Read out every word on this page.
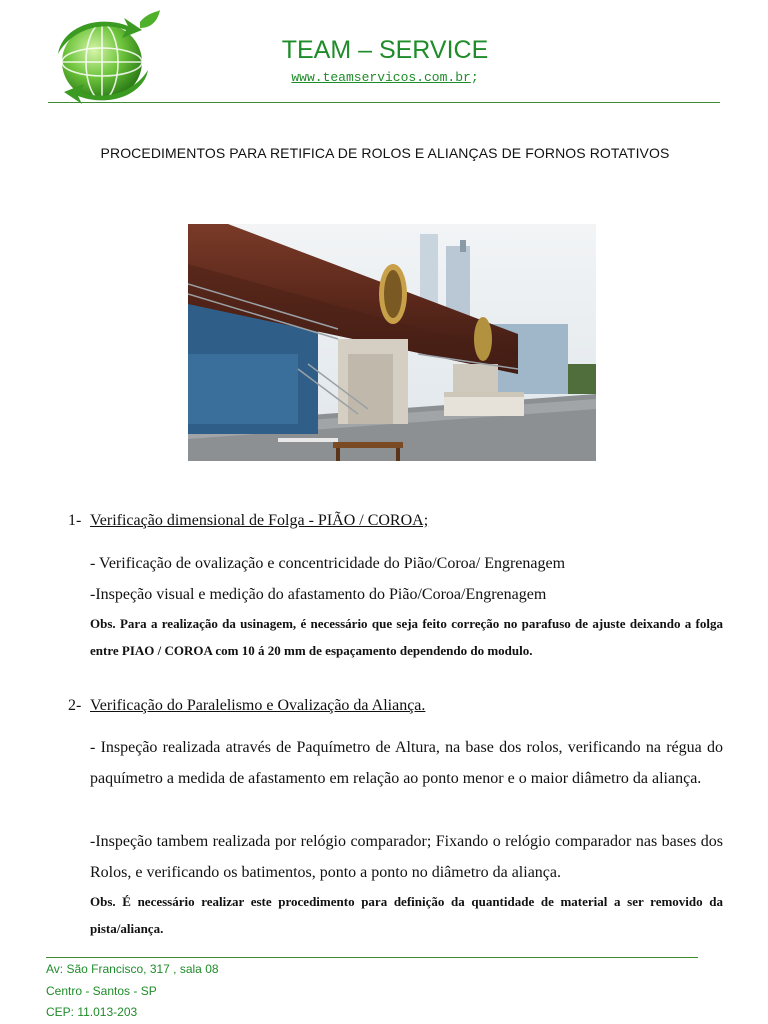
TEAM – SERVICE
www.teamservicos.com.br;
PROCEDIMENTOS PARA RETIFICA DE ROLOS E ALIANÇAS DE FORNOS ROTATIVOS
1- Verificação dimensional de Folga - PIÃO / COROA;
- Verificação de ovalização e concentricidade do Pião/Coroa/ Engrenagem
-Inspeção visual e medição do afastamento do Pião/Coroa/Engrenagem
Obs. Para a realização da usinagem, é necessário que seja feito correção no parafuso de ajuste deixando a folga entre PIAO / COROA com 10 á 20 mm de espaçamento dependendo do modulo.
2- Verificação do Paralelismo e Ovalização da Aliança.
- Inspeção realizada através de Paquímetro de Altura, na base dos rolos, verificando na régua do paquímetro a medida de afastamento em relação ao ponto menor e o maior diâmetro da aliança.
-Inspeção tambem realizada por relógio comparador; Fixando o relógio comparador nas bases dos Rolos, e verificando os batimentos, ponto a ponto no diâmetro da aliança.
Obs. É necessário realizar este procedimento para definição da quantidade de material a ser removido da pista/aliança.
Av: São Francisco, 317 , sala 08
Centro - Santos - SP
CEP: 11.013-203
